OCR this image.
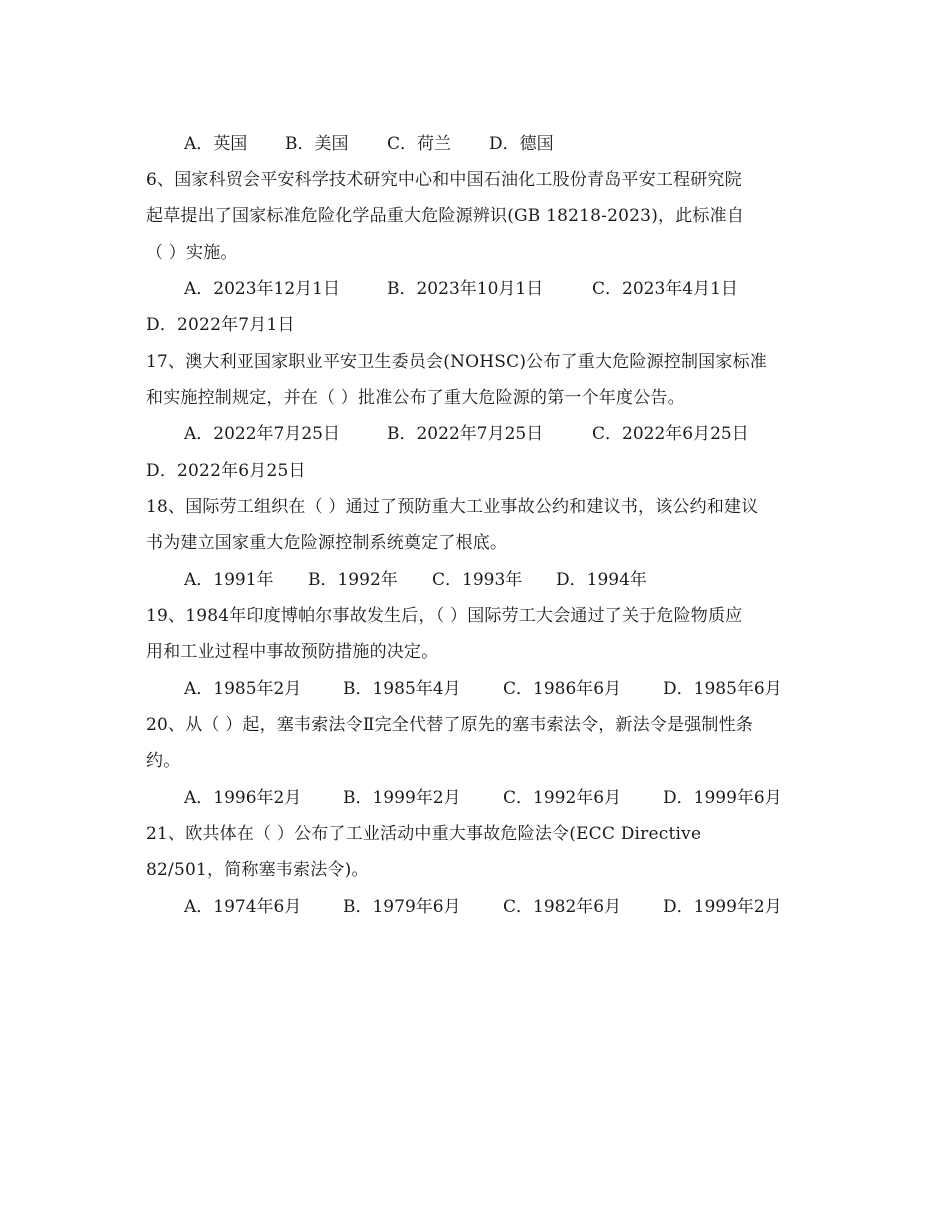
A．英国 B．美国 C．荷兰 D．德国
6、国家科贸会平安科学技术研究中心和中国石油化工股份青岛平安工程研究院
起草提出了国家标准危险化学品重大危险源辨识(GB 18218-2023)，此标准自
（ ）实施。
A．2023年12月1日	B．2023年10月1日	C．2023年4月1日
D．2022年7月1日
17、澳大利亚国家职业平安卫生委员会(NOHSC)公布了重大危险源控制国家标准
和实施控制规定，并在（ ）批准公布了重大危险源的第一个年度公告。
A．2022年7月25日	B．2022年7月25日	C．2022年6月25日
D．2022年6月25日
18、国际劳工组织在（ ）通过了预防重大工业事故公约和建议书，该公约和建议
书为建立国家重大危险源控制系统奠定了根底。
A．1991年 B．1992年 C．1993年 D．1994年
19、1984年印度博帕尔事故发生后，（ ）国际劳工大会通过了关于危险物质应
用和工业过程中事故预防措施的决定。
A．1985年2月 B．1985年4月 C．1986年6月 D．1985年6月
20、从（ ）起，塞韦索法令Ⅱ完全代替了原先的塞韦索法令，新法令是强制性条
约。
A．1996年2月 B．1999年2月 C．1992年6月 D．1999年6月
21、欧共体在（ ）公布了工业活动中重大事故危险法令(ECC Directive
82/501，简称塞韦索法令)。
A．1974年6月 B．1979年6月 C．1982年6月 D．1999年2月
